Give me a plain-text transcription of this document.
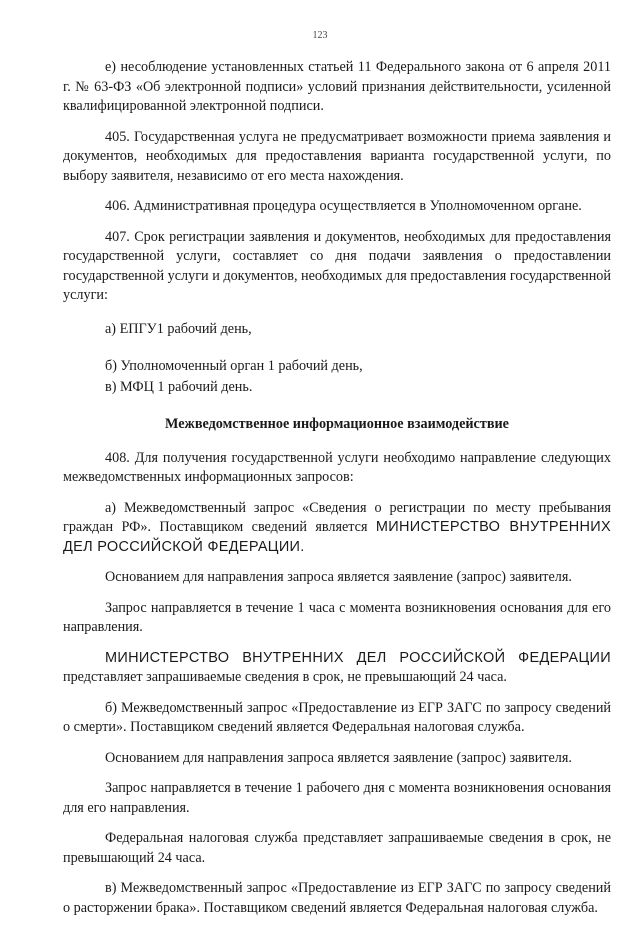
123

е) несоблюдение установленных статьей 11 Федерального закона от 6 апреля 2011 г. № 63-ФЗ «Об электронной подписи» условий признания действительности, усиленной квалифицированной электронной подписи.

405. Государственная услуга не предусматривает возможности приема заявления и документов, необходимых для предоставления варианта государственной услуги, по выбору заявителя, независимо от его места нахождения.

406. Административная процедура осуществляется в Уполномоченном органе.

407. Срок регистрации заявления и документов, необходимых для предоставления государственной услуги, составляет со дня подачи заявления о предоставлении государственной услуги и документов, необходимых для предоставления государственной услуги:

а) ЕПГУ1 рабочий день,

б) Уполномоченный орган 1 рабочий день,

в) МФЦ 1 рабочий день.

Межведомственное информационное взаимодействие

408. Для получения государственной услуги необходимо направление следующих межведомственных информационных запросов:

а) Межведомственный запрос «Сведения о регистрации по месту пребывания граждан РФ». Поставщиком сведений является МИНИСТЕРСТВО ВНУТРЕННИХ ДЕЛ РОССИЙСКОЙ ФЕДЕРАЦИИ.

Основанием для направления запроса является заявление (запрос) заявителя.

Запрос направляется в течение 1 часа с момента возникновения основания для его направления.

МИНИСТЕРСТВО ВНУТРЕННИХ ДЕЛ РОССИЙСКОЙ ФЕДЕРАЦИИ представляет запрашиваемые сведения в срок, не превышающий 24 часа.

б) Межведомственный запрос «Предоставление из ЕГР ЗАГС по запросу сведений о смерти». Поставщиком сведений является Федеральная налоговая служба.

Основанием для направления запроса является заявление (запрос) заявителя.

Запрос направляется в течение 1 рабочего дня с момента возникновения основания для его направления.

Федеральная налоговая служба представляет запрашиваемые сведения в срок, не превышающий 24 часа.

в) Межведомственный запрос «Предоставление из ЕГР ЗАГС по запросу сведений о расторжении брака». Поставщиком сведений является Федеральная налоговая служба.
